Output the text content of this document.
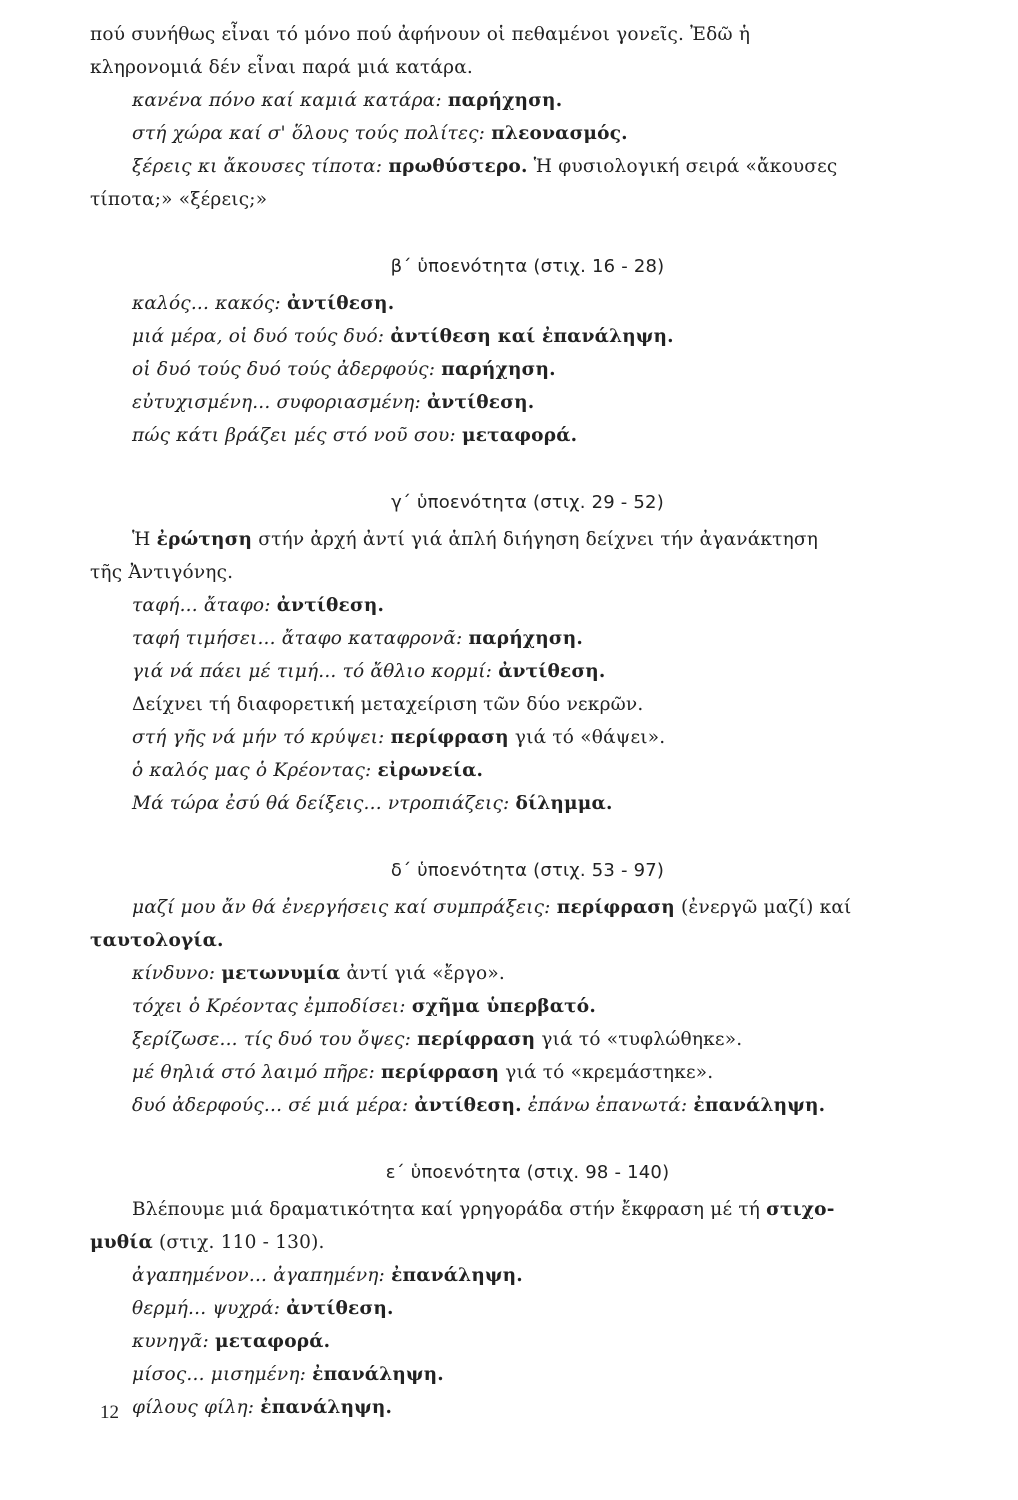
πού συνήθως εἶναι τό μόνο πού ἀφήνουν οἱ πεθαμένοι γονεῖς. Ἐδῶ ἡ
κληρονομιά δέν εἶναι παρά μιά κατάρα.
κανένα πόνο καί καμιά κατάρα: παρήχηση.
στή χώρα καί σ' ὅλους τούς πολίτες: πλεονασμός.
ξέρεις κι ἄκουσες τίποτα: πρωθύστερο. Ἡ φυσιολογική σειρά «ἄκουσες
τίποτα;» «ξέρεις;»
β΄ ὑποενότητα (στιχ. 16 - 28)
καλός... κακός: ἀντίθεση.
μιά μέρα, οἱ δυό τούς δυό: ἀντίθεση καί ἐπανάληψη.
οἱ δυό τούς δυό τούς ἀδερφούς: παρήχηση.
εὐτυχισμένη... συφοριασμένη: ἀντίθεση.
πώς κάτι βράζει μές στό νοῦ σου: μεταφορά.
γ΄ ὑποενότητα (στιχ. 29 - 52)
Ἡ ἐρώτηση στήν ἀρχή ἀντί γιά ἁπλή διήγηση δείχνει τήν ἀγανάκτηση
τῆς Ἀντιγόνης.
ταφή... ἄταφο: ἀντίθεση.
ταφή τιμήσει... ἄταφο καταφρονᾶ: παρήχηση.
γιά νά πάει μέ τιμή... τό ἄθλιο κορμί: ἀντίθεση.
Δείχνει τή διαφορετική μεταχείριση τῶν δύο νεκρῶν.
στή γῆς νά μήν τό κρύψει: περίφραση γιά τό «θάψει».
ὁ καλός μας ὁ Κρέοντας: εἰρωνεία.
Μά τώρα ἐσύ θά δείξεις... ντροπιάζεις: δίλημμα.
δ΄ ὑποενότητα (στιχ. 53 - 97)
μαζί μου ἄν θά ἐνεργήσεις καί συμπράξεις: περίφραση (ἐνεργῶ μαζί) καί
ταυτολογία.
κίνδυνο: μετωνυμία ἀντί γιά «ἔργο».
τόχει ὁ Κρέοντας ἐμποδίσει: σχῆμα ὑπερβατό.
ξερίζωσε... τίς δυό του ὄψες: περίφραση γιά τό «τυφλώθηκε».
μέ θηλιά στό λαιμό πῆρε: περίφραση γιά τό «κρεμάστηκε».
δυό ἀδερφούς... σέ μιά μέρα: ἀντίθεση. ἐπάνω ἐπανωτά: ἐπανάληψη.
ε΄ ὑποενότητα (στιχ. 98 - 140)
Βλέπουμε μιά δραματικότητα καί γρηγοράδα στήν ἔκφραση μέ τή στιχο-
μυθία (στιχ. 110 - 130).
ἀγαπημένον... ἀγαπημένη: ἐπανάληψη.
θερμή... ψυχρά: ἀντίθεση.
κυνηγᾶ: μεταφορά.
μίσος... μισημένη: ἐπανάληψη.
φίλους φίλη: ἐπανάληψη.
12
